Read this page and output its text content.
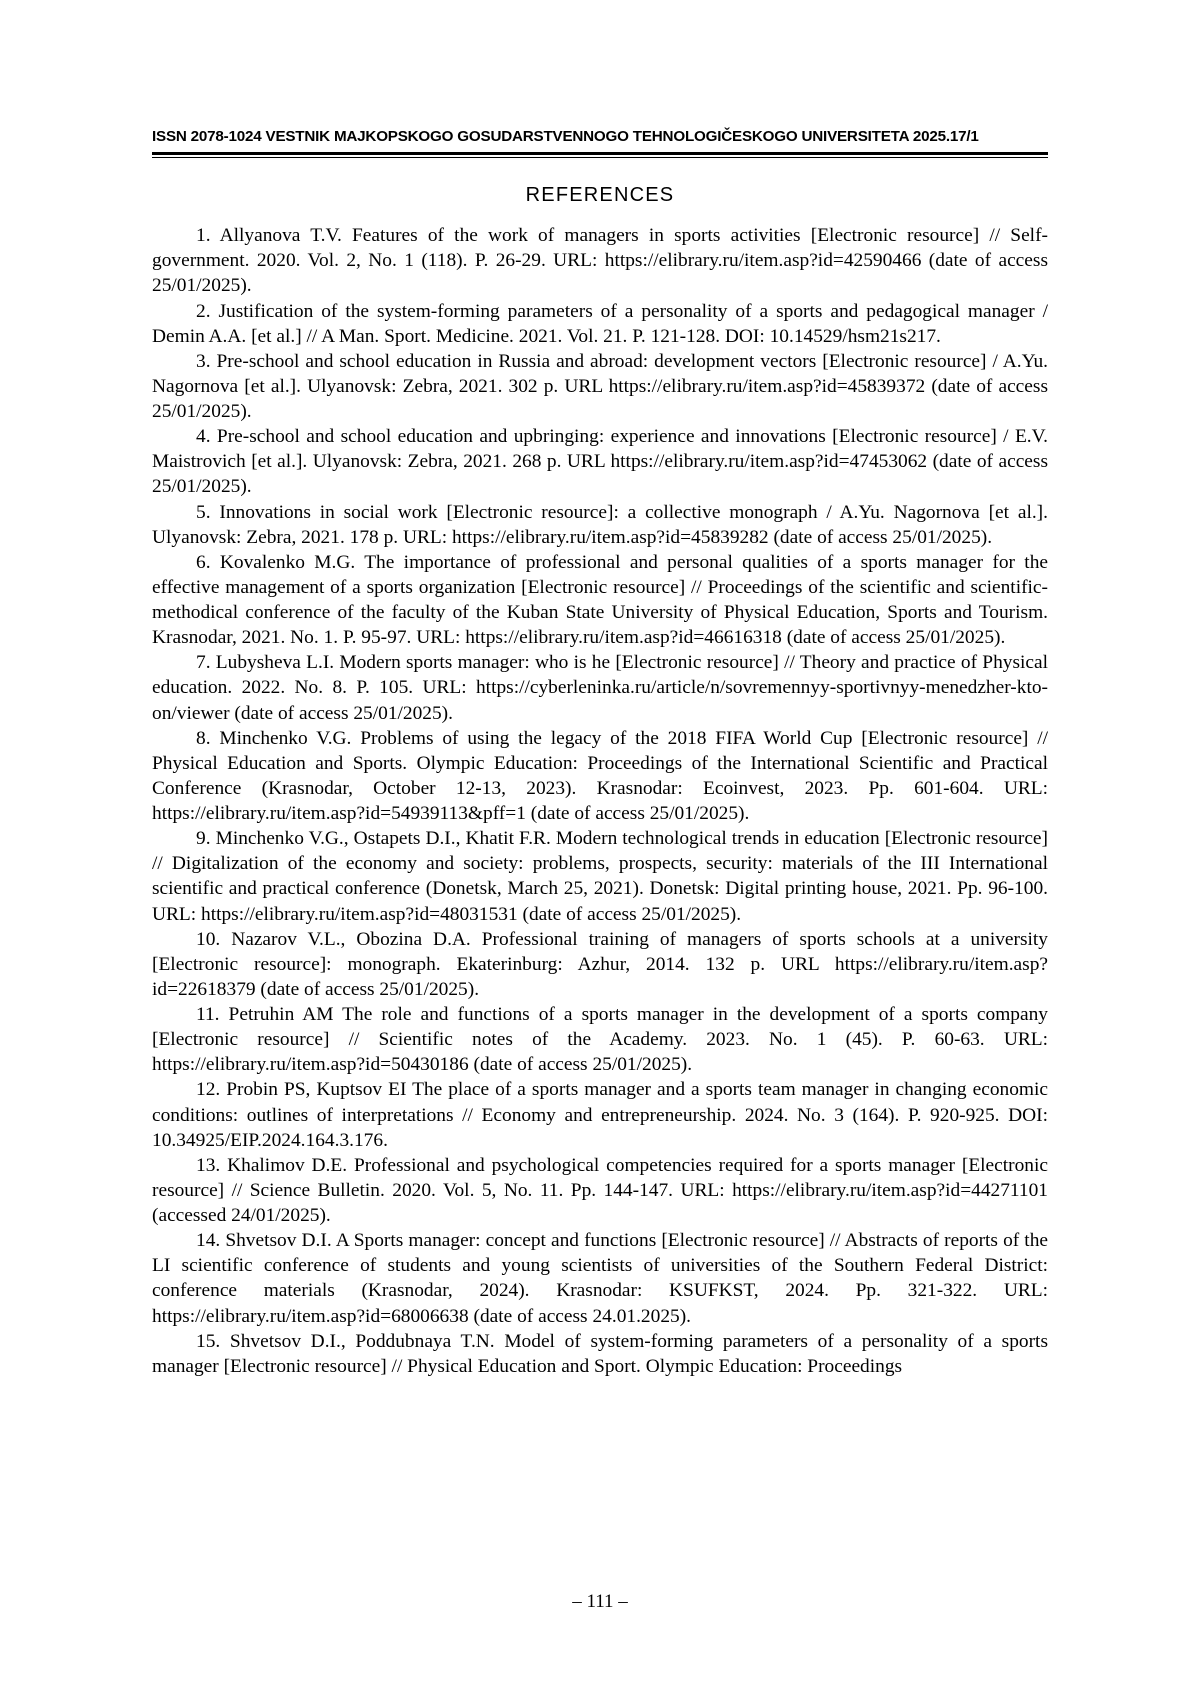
ISSN 2078-1024 VESTNIK MAJKOPSKOGO GOSUDARSTVENNOGO TEHNOLOGIČESKOGO UNIVERSITETA 2025.17/1
REFERENCES

1. Allyanova T.V. Features of the work of managers in sports activities [Electronic resource] // Self-government. 2020. Vol. 2, No. 1 (118). P. 26-29. URL: https://elibrary.ru/item.asp?id=42590466 (date of access 25/01/2025).

2. Justification of the system-forming parameters of a personality of a sports and pedagogical manager / Demin A.A. [et al.] // A Man. Sport. Medicine. 2021. Vol. 21. P. 121-128. DOI: 10.14529/hsm21s217.

3. Pre-school and school education in Russia and abroad: development vectors [Electronic resource] / A.Yu. Nagornova [et al.]. Ulyanovsk: Zebra, 2021. 302 p. URL https://elibrary.ru/item.asp?id=45839372 (date of access 25/01/2025).

4. Pre-school and school education and upbringing: experience and innovations [Electronic resource] / E.V. Maistrovich [et al.]. Ulyanovsk: Zebra, 2021. 268 p. URL https://elibrary.ru/item.asp?id=47453062 (date of access 25/01/2025).

5. Innovations in social work [Electronic resource]: a collective monograph / A.Yu. Nagornova [et al.]. Ulyanovsk: Zebra, 2021. 178 p. URL: https://elibrary.ru/item.asp?id=45839282 (date of access 25/01/2025).

6. Kovalenko M.G. The importance of professional and personal qualities of a sports manager for the effective management of a sports organization [Electronic resource] // Proceedings of the scientific and scientific-methodical conference of the faculty of the Kuban State University of Physical Education, Sports and Tourism. Krasnodar, 2021. No. 1. P. 95-97. URL: https://elibrary.ru/item.asp?id=46616318 (date of access 25/01/2025).

7. Lubysheva L.I. Modern sports manager: who is he [Electronic resource] // Theory and practice of Physical education. 2022. No. 8. P. 105. URL: https://cyberleninka.ru/article/n/sovremennyy-sportivnyy-menedzher-kto-on/viewer (date of access 25/01/2025).

8. Minchenko V.G. Problems of using the legacy of the 2018 FIFA World Cup [Electronic resource] // Physical Education and Sports. Olympic Education: Proceedings of the International Scientific and Practical Conference (Krasnodar, October 12-13, 2023). Krasnodar: Ecoinvest, 2023. Pp. 601-604. URL: https://elibrary.ru/item.asp?id=54939113&pff=1 (date of access 25/01/2025).

9. Minchenko V.G., Ostapets D.I., Khatit F.R. Modern technological trends in education [Electronic resource] // Digitalization of the economy and society: problems, prospects, security: materials of the III International scientific and practical conference (Donetsk, March 25, 2021). Donetsk: Digital printing house, 2021. Pp. 96-100. URL: https://elibrary.ru/item.asp?id=48031531 (date of access 25/01/2025).

10. Nazarov V.L., Obozina D.A. Professional training of managers of sports schools at a university [Electronic resource]: monograph. Ekaterinburg: Azhur, 2014. 132 p. URL https://elibrary.ru/item.asp?id=22618379 (date of access 25/01/2025).

11. Petruhin AM The role and functions of a sports manager in the development of a sports company [Electronic resource] // Scientific notes of the Academy. 2023. No. 1 (45). P. 60-63. URL: https://elibrary.ru/item.asp?id=50430186 (date of access 25/01/2025).

12. Probin PS, Kuptsov EI The place of a sports manager and a sports team manager in changing economic conditions: outlines of interpretations // Economy and entrepreneurship. 2024. No. 3 (164). P. 920-925. DOI: 10.34925/EIP.2024.164.3.176.

13. Khalimov D.E. Professional and psychological competencies required for a sports manager [Electronic resource] // Science Bulletin. 2020. Vol. 5, No. 11. Pp. 144-147. URL: https://elibrary.ru/item.asp?id=44271101 (accessed 24/01/2025).

14. Shvetsov D.I. A Sports manager: concept and functions [Electronic resource] // Abstracts of reports of the LI scientific conference of students and young scientists of universities of the Southern Federal District: conference materials (Krasnodar, 2024). Krasnodar: KSUFKST, 2024. Pp. 321-322. URL: https://elibrary.ru/item.asp?id=68006638 (date of access 24.01.2025).

15. Shvetsov D.I., Poddubnaya T.N. Model of system-forming parameters of a personality of a sports manager [Electronic resource] // Physical Education and Sport. Olympic Education: Proceedings

– 111 –
